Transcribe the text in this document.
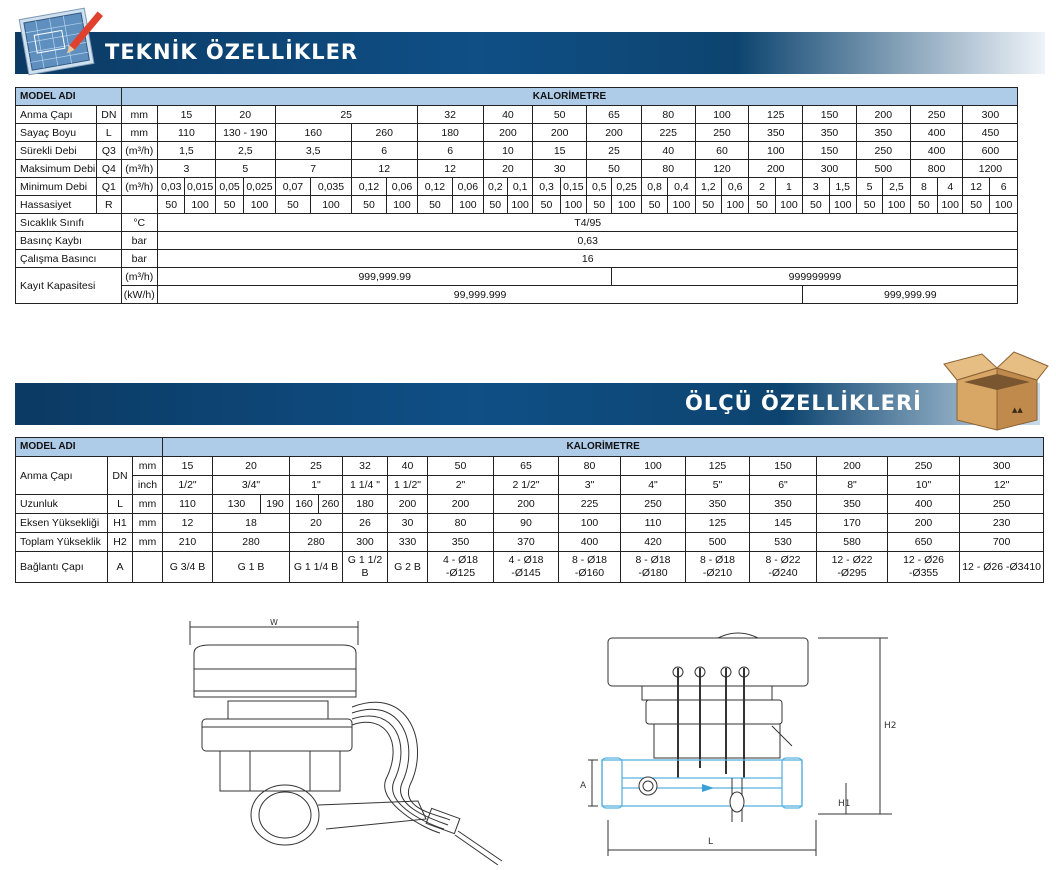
TEKNİK ÖZELLİKLER
MODEL ADI		KALORİMETRE																														
Anma Çapı	DN	mm	15		20		25				32		40		50		65		80		100		125		150		200		250		300	
Sayaç Boyu	L	mm	110		130 - 190		160		260		180		200		200		200		225		250		350		350		350		400		450	
Sürekli Debi	Q3	(m³/h)	1,5		2,5		3,5		6		6		10		15		25		40		60		100		150		250		400		600	
Maksimum Debi	Q4	(m³/h)	3		5		7		12		12		20		30		50		80		120		200		300		500		800		1200	
Minimum Debi	Q1	(m³/h)	0,03	0,015	0,05	0,025	0,07	0,035	0,12	0,06	0,12	0,06	0,2	0,1	0,3	0,15	0,5	0,25	0,8	0,4	1,2	0,6	2	1	3	1,5	5	2,5	8	4	12	6
Hassasiyet	R		50	100	50	100	50	100	50	100	50	100	50	100	50	100	50	100	50	100	50	100	50	100	50	100	50	100	50	100	50	100
Sıcaklık Sınıfı		°C	T4/95																													
Basınç Kaybı		bar	0,63																													
Çalışma Basıncı		bar	16																													
Kayıt Kapasitesi		(m³/h)	999,999.99															999999999														
		(kW/h)	99,999.999																						999,999.99							
ÖLÇÜ ÖZELLİKLERİ	▲▲
MODEL ADI			KALORİMETRE															
Anma Çapı	DN	mm	15	20		25		32	40	50	65	80	100	125	150	200	250	300
		inch	1/2"	3/4"		1"		1 1/4 "	1 1/2"	2"	2 1/2"	3"	4"	5"	6"	8"	10"	12"
Uzunluk	L	mm	110	130	190	160	260	180	200	200	200	225	250	350	350	350	400	250
Eksen Yüksekliği	H1	mm	12	18		20		26	30	80	90	100	110	125	145	170	200	230
Toplam Yükseklik	H2	mm	210	280		280		300	330	350	370	400	420	500	530	580	650	700
Bağlantı Çapı	A		G 3/4 B	G 1 B		G 1 1/4 B		G 1 1/2 B	G 2 B	4 - Ø18 -Ø125	4 - Ø18 -Ø145	8 - Ø18 -Ø160	8 - Ø18 -Ø180	8 - Ø18 -Ø210	8 - Ø22 -Ø240	12 - Ø22 -Ø295	12 - Ø26 -Ø355	12 - Ø26 -Ø3410
W
A
L
H1
H2
